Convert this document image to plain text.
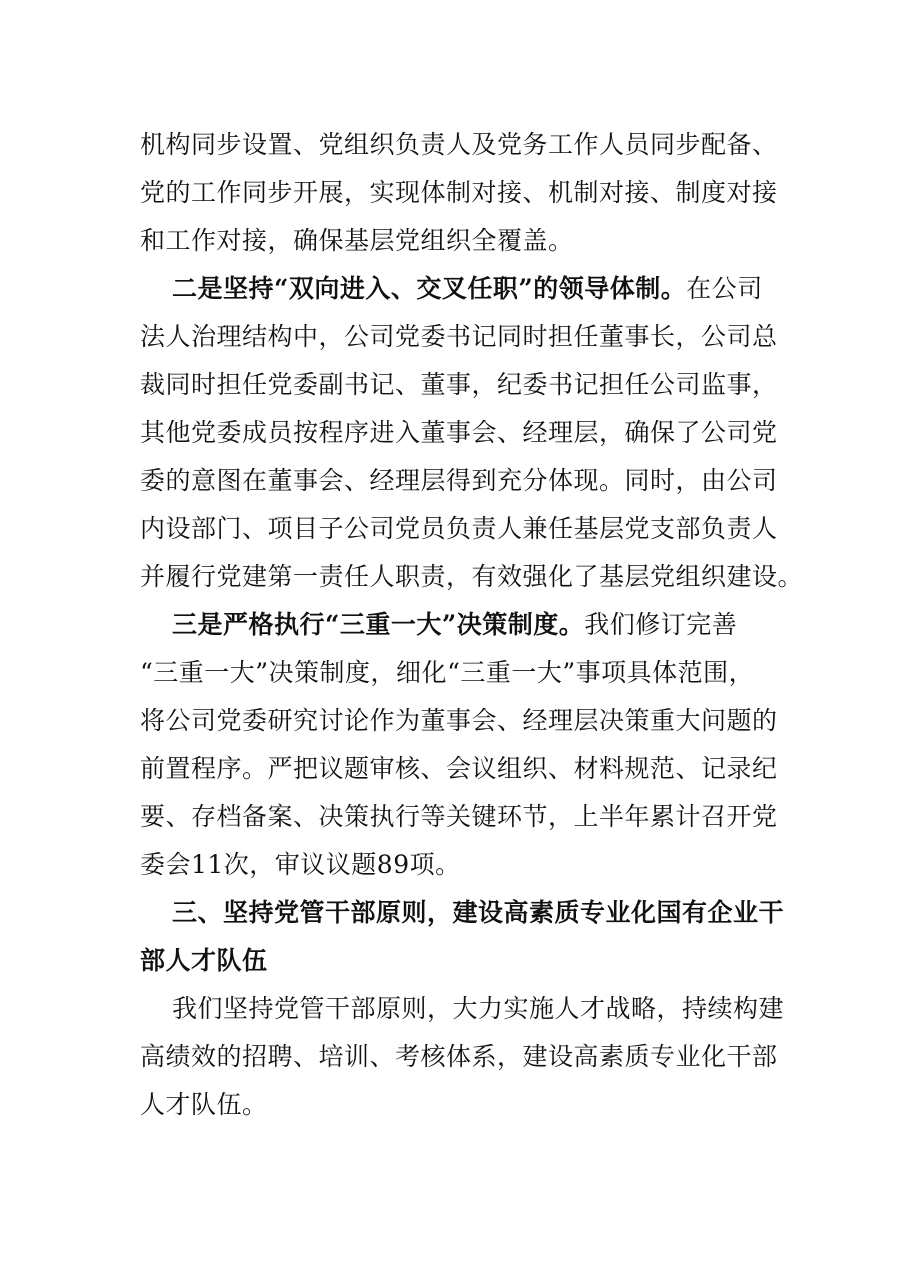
机构同步设置、党组织负责人及党务工作人员同步配备、
党的工作同步开展，实现体制对接、机制对接、制度对接
和工作对接，确保基层党组织全覆盖。
二是坚持“双向进入、交叉任职”的领导体制。在公司
法人治理结构中，公司党委书记同时担任董事长，公司总
裁同时担任党委副书记、董事，纪委书记担任公司监事，
其他党委成员按程序进入董事会、经理层，确保了公司党
委的意图在董事会、经理层得到充分体现。同时，由公司
内设部门、项目子公司党员负责人兼任基层党支部负责人
并履行党建第一责任人职责，有效强化了基层党组织建设。
三是严格执行“三重一大”决策制度。我们修订完善
“三重一大”决策制度，细化“三重一大”事项具体范围，
将公司党委研究讨论作为董事会、经理层决策重大问题的
前置程序。严把议题审核、会议组织、材料规范、记录纪
要、存档备案、决策执行等关键环节，上半年累计召开党
委会11次，审议议题89项。
三、坚持党管干部原则，建设高素质专业化国有企业干
部人才队伍
我们坚持党管干部原则，大力实施人才战略，持续构建
高绩效的招聘、培训、考核体系，建设高素质专业化干部
人才队伍。
